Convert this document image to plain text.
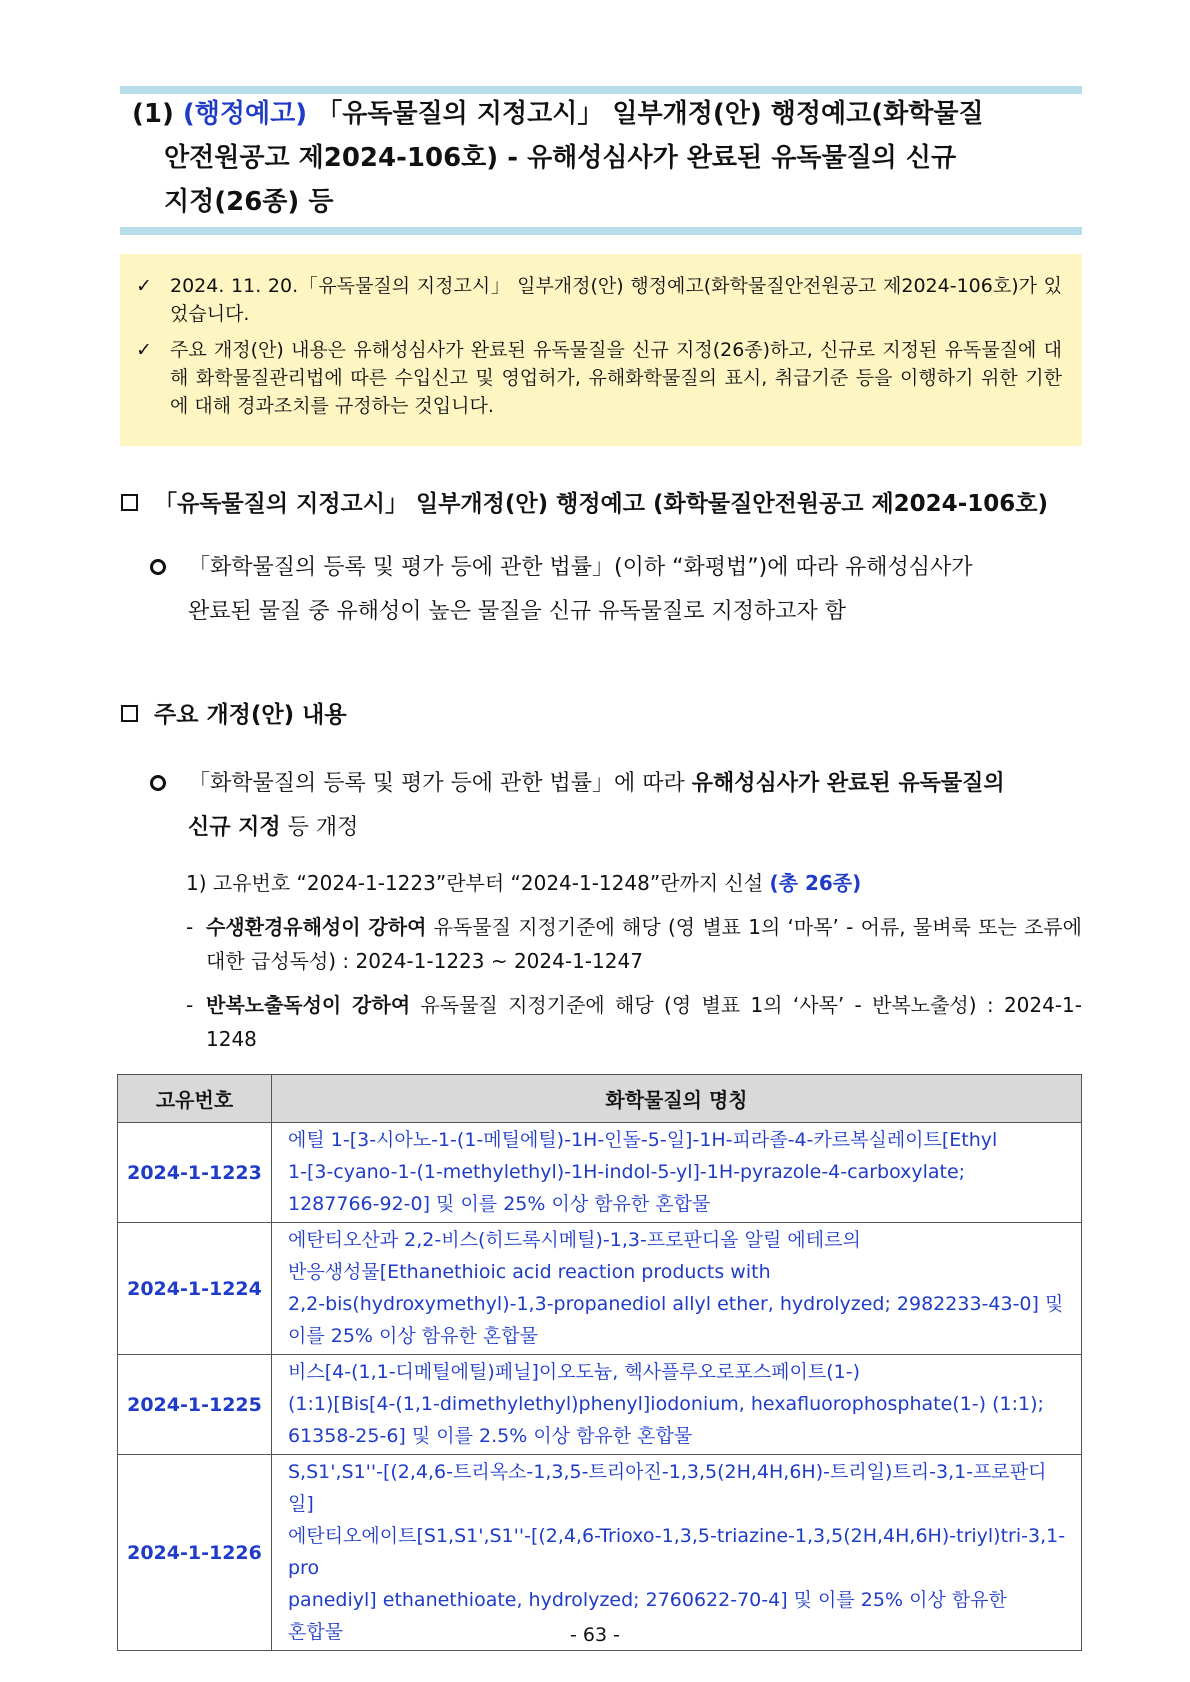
(1) (행정예고) 「유독물질의 지정고시」 일부개정(안) 행정예고(화학물질
안전원공고 제2024-106호) - 유해성심사가 완료된 유독물질의 신규
지정(26종) 등
✓ 2024. 11. 20.「유독물질의 지정고시」 일부개정(안) 행정예고(화학물질안전원공고 제2024-106호)가 있었습니다.
✓ 주요 개정(안) 내용은 유해성심사가 완료된 유독물질을 신규 지정(26종)하고, 신규로 지정된 유독물질에 대해 화학물질관리법에 따른 수입신고 및 영업허가, 유해화학물질의 표시, 취급기준 등을 이행하기 위한 기한에 대해 경과조치를 규정하는 것입니다.
「유독물질의 지정고시」 일부개정(안) 행정예고 (화학물질안전원공고 제2024-106호)
「화학물질의 등록 및 평가 등에 관한 법률」(이하 “화평법”)에 따라 유해성심사가
완료된 물질 중 유해성이 높은 물질을 신규 유독물질로 지정하고자 함
주요 개정(안) 내용
「화학물질의 등록 및 평가 등에 관한 법률」에 따라 유해성심사가 완료된 유독물질의
신규 지정 등 개정
1) 고유번호 “2024-1-1223”란부터 “2024-1-1248”란까지 신설 (총 26종)
- 수생환경유해성이 강하여 유독물질 지정기준에 해당 (영 별표 1의 ‘마목’ - 어류, 물벼룩 또는 조류에 대한 급성독성) : 2024-1-1223 ~ 2024-1-1247
- 반복노출독성이 강하여 유독물질 지정기준에 해당 (영 별표 1의 ‘사목’ - 반복노출성) : 2024-1-1248
고유번호	화학물질의 명칭
2024-1-1223	에틸 1-[3-시아노-1-(1-메틸에틸)-1H-인돌-5-일]-1H-피라졸-4-카르복실레이트[Ethyl
1-[3-cyano-1-(1-methylethyl)-1H-indol-5-yl]-1H-pyrazole-4-carboxylate;
1287766-92-0] 및 이를 25% 이상 함유한 혼합물

2024-1-1224	에탄티오산과 2,2-비스(히드록시메틸)-1,3-프로판디올 알릴 에테르의
반응생성물[Ethanethioic acid reaction products with
2,2-bis(hydroxymethyl)-1,3-propanediol allyl ether, hydrolyzed; 2982233-43-0] 및
이를 25% 이상 함유한 혼합물

2024-1-1225	비스[4-(1,1-디메틸에틸)페닐]이오도늄, 헥사플루오로포스페이트(1-)
(1:1)[Bis[4-(1,1-dimethylethyl)phenyl]iodonium, hexafluorophosphate(1-) (1:1);
61358-25-6] 및 이를 2.5% 이상 함유한 혼합물

2024-1-1226	S,S1',S1''-[(2,4,6-트리옥소-1,3,5-트리아진-1,3,5(2H,4H,6H)-트리일)트리-3,1-프로판디일]
에탄티오에이트[S1,S1',S1''-[(2,4,6-Trioxo-1,3,5-triazine-1,3,5(2H,4H,6H)-triyl)tri-3,1-pro
panediyl] ethanethioate, hydrolyzed; 2760622-70-4] 및 이를 25% 이상 함유한
혼합물	- 63 -
